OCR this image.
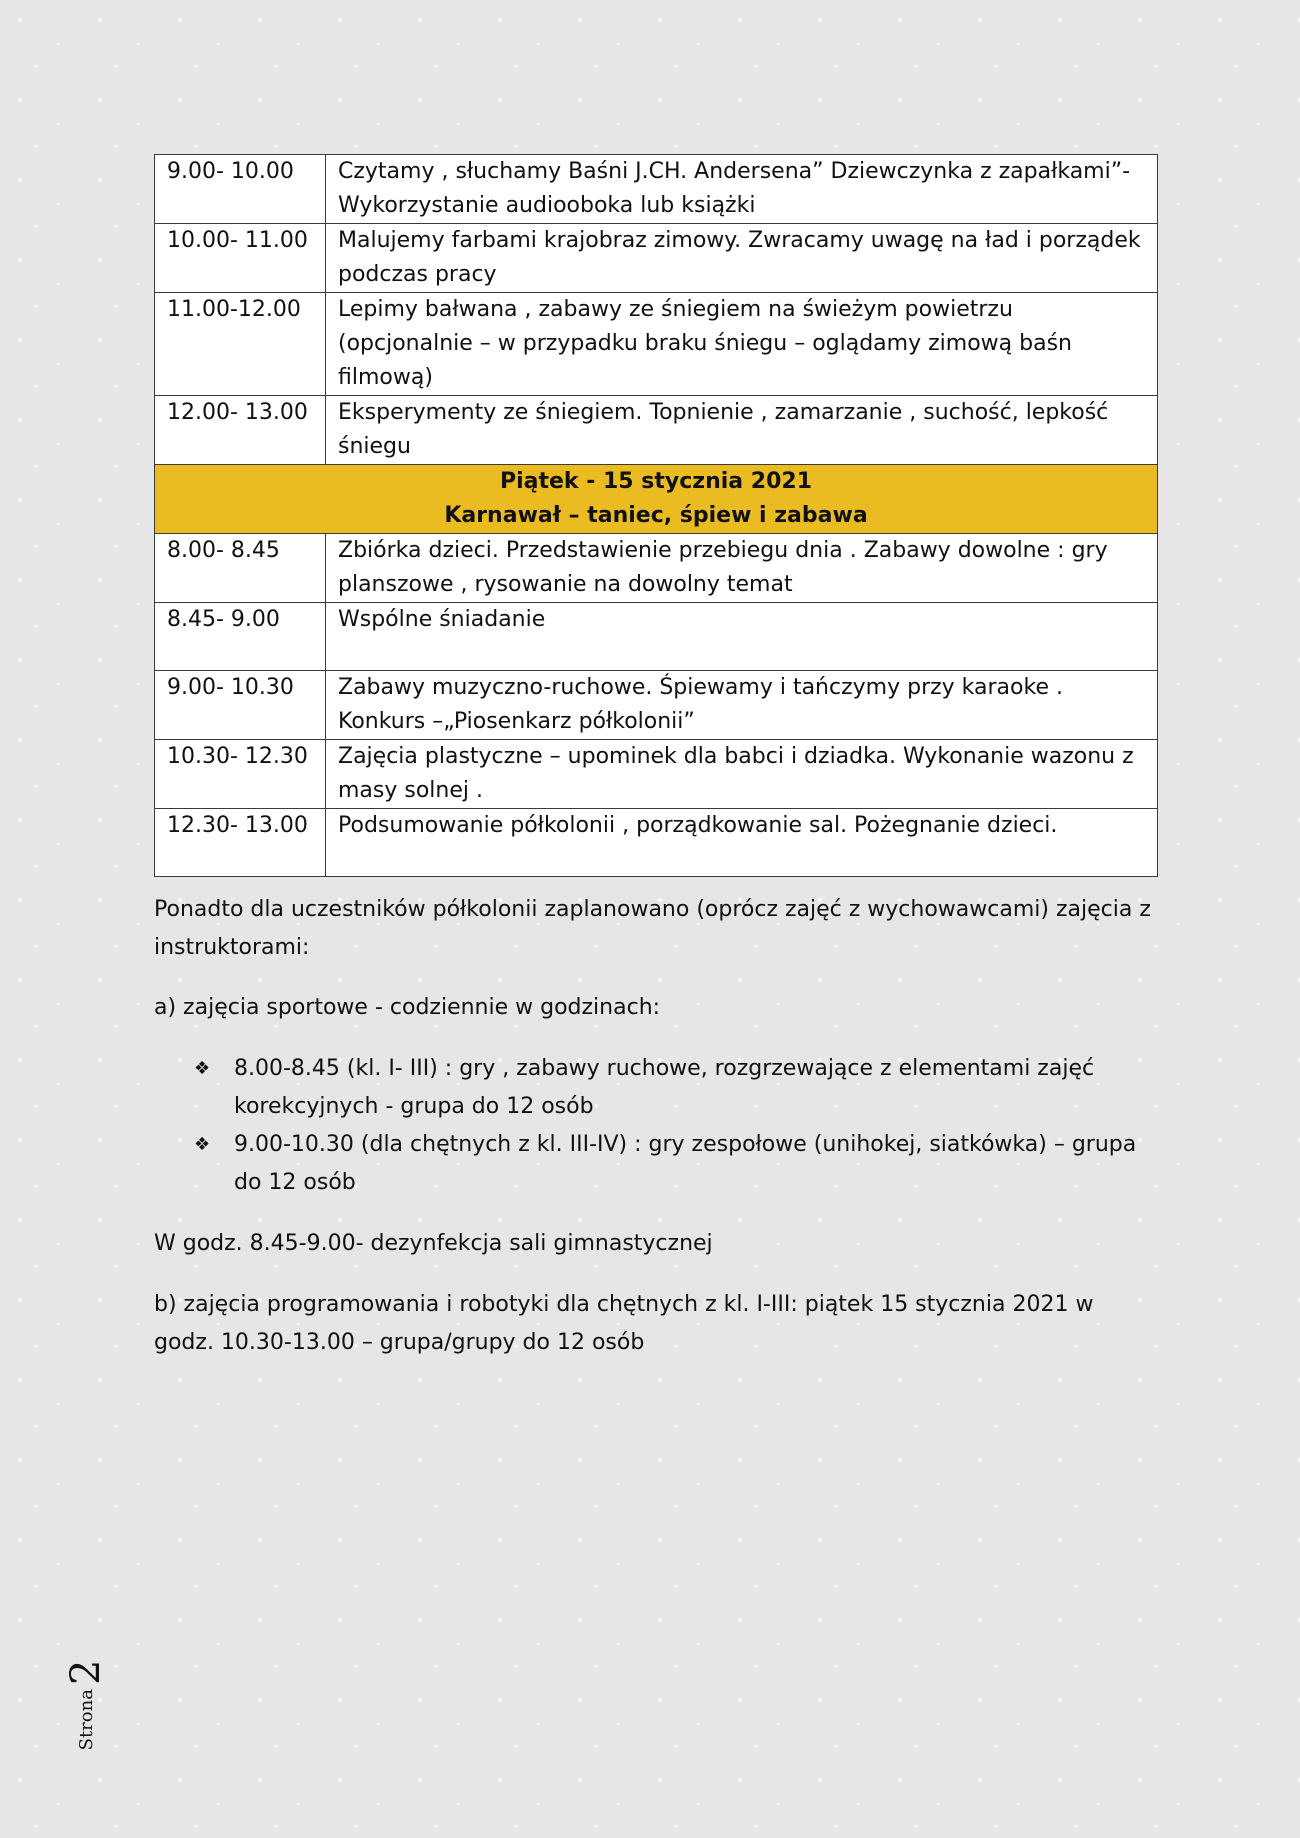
9.00- 10.00	Czytamy , słuchamy Baśni J.CH. Andersena” Dziewczynka z zapałkami”- Wykorzystanie audiooboka lub książki
10.00- 11.00	Malujemy farbami krajobraz zimowy. Zwracamy uwagę na ład i porządek podczas pracy
11.00-12.00	Lepimy bałwana , zabawy ze śniegiem na świeżym powietrzu (opcjonalnie – w przypadku braku śniegu – oglądamy zimową baśn filmową)
12.00- 13.00	Eksperymenty ze śniegiem. Topnienie , zamarzanie , suchość, lepkość śniegu

Piątek - 15 stycznia 2021
Karnawał – taniec, śpiew i zabawa	

8.00- 8.45	Zbiórka dzieci. Przedstawienie przebiegu dnia . Zabawy dowolne : gry planszowe , rysowanie na dowolny temat
8.45- 9.00	Wspólne śniadanie
9.00- 10.30	Zabawy muzyczno-ruchowe. Śpiewamy i tańczymy przy karaoke . Konkurs –„Piosenkarz półkolonii”
10.30- 12.30	Zajęcia plastyczne – upominek dla babci i dziadka. Wykonanie wazonu z masy solnej .
12.30- 13.00	Podsumowanie półkolonii , porządkowanie sal. Pożegnanie dzieci.

Ponadto dla uczestników półkolonii zaplanowano (oprócz zajęć z wychowawcami) zajęcia z instruktorami:

a) zajęcia sportowe - codziennie w godzinach:

❖ 8.00-8.45 (kl. I- III) : gry , zabawy ruchowe, rozgrzewające z elementami zajęć korekcyjnych - grupa do 12 osób
❖ 9.00-10.30 (dla chętnych z kl. III-IV) : gry zespołowe (unihokej, siatkówka) – grupa do 12 osób

W godz. 8.45-9.00- dezynfekcja sali gimnastycznej

b) zajęcia programowania i robotyki dla chętnych z kl. I-III: piątek 15 stycznia 2021 w godz. 10.30-13.00 – grupa/grupy do 12 osób

Strona
2
